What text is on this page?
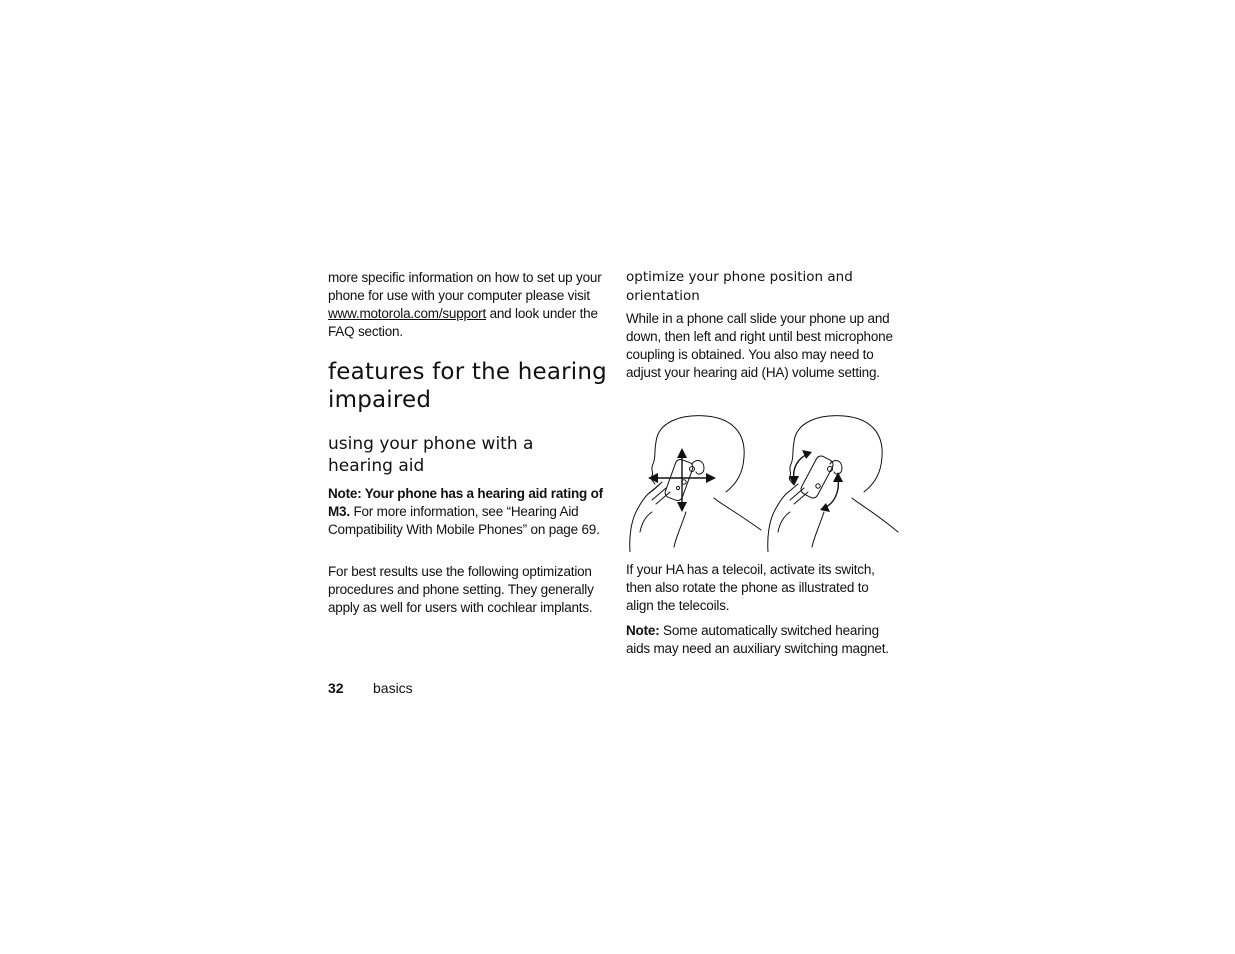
more specific information on how to set up your phone for use with your computer please visit www.motorola.com/support and look under the FAQ section.

features for the hearing impaired
using your phone with a hearing aid

Note: Your phone has a hearing aid rating of M3. For more information, see “Hearing Aid Compatibility With Mobile Phones” on page 69.

For best results use the following optimization procedures and phone setting. They generally apply as well for users with cochlear implants.

optimize your phone position and orientation

While in a phone call slide your phone up and down, then left and right until best microphone coupling is obtained. You also may need to adjust your hearing aid (HA) volume setting.

If your HA has a telecoil, activate its switch, then also rotate the phone as illustrated to align the telecoils.

Note: Some automatically switched hearing aids may need an auxiliary switching magnet.

32 basics
